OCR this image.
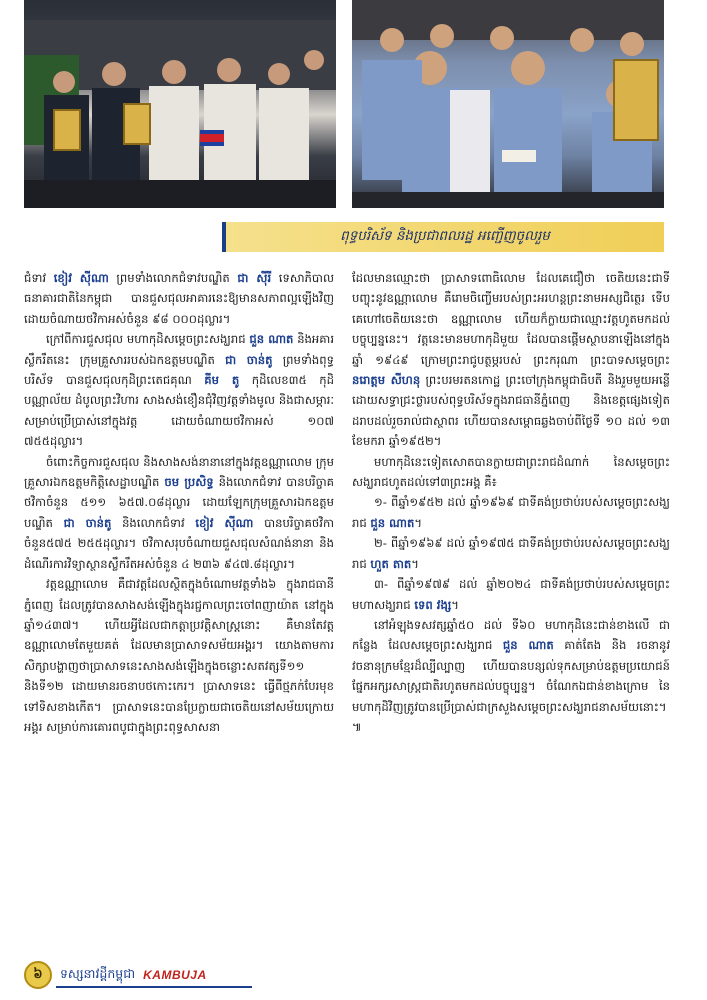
ពុទ្ធបរិស័ទ និងប្រជាពលរដ្ឋ អញ្ជើញចូលរួម

ជំទាវ ខៀវ ស៊ីណា ព្រមទាំងលោកជំទាវបណ្ឌិត ជា ស៊ីរី ទេសាភិបាលធនាគារជាតិនៃកម្ពុជា បានជួសជុលអាគារនេះឱ្យមានសភាពល្អឡើងវិញ ដោយចំណាយថវិកាអស់ចំនួន ៩៨ ០០០ដុល្លារ។

ក្រៅពីការជួសជុល មហាកុដិសម្ដេចព្រះសង្ឃរាជ ជួន ណាត និងអគារស្លឹករឹតនេះ ក្រុមគ្រួសាររបស់ឯកឧត្តមបណ្ឌិត ជា ចាន់តូ ព្រមទាំងពុទ្ធបរិស័ទ បានជួសជុលកុដិព្រះតេជគុណ គីម តូ កុដិលេខ៣៥ កុដិបណ្ណាល័យ ដំបូលព្រះវិហារ សាងសង់ខឿនជុំវិញវត្តទាំងមូល និងជាសម្ភារៈសម្រាប់ប្រើប្រាស់នៅក្នុងវត្ត ដោយចំណាយថវិកាអស់ ១០៧ ៧៥៥ដុល្លារ។

ចំពោះកិច្ចការជួសជុល និងសាងសង់នានានៅក្នុងវត្តឧណ្ណាលោម ក្រុមគ្រួសារឯកឧត្តមកិត្តិសេដ្ឋាបណ្ឌិត ចម ប្រសិទ្ធ និងលោកជំទាវ បានបរិច្ចាគថវិកាចំនួន ៥១១ ៦៥៧.០៨ដុល្លារ ដោយឡែកក្រុមគ្រួសារឯកឧត្តម បណ្ឌិត ជា ចាន់តូ និងលោកជំទាវ ខៀវ ស៊ីណា បានបរិច្ចាគថវិកាចំនួន៥៧៥ ២៥៥ដុល្លារ។ ថវិកាសរុបចំណាយជួសជុលសំណង់នានា និងដំណើរការវិទ្យាស្ថានស្លឹករឹតអស់ចំនួន ៤ ២៣៦ ៩៤៧.៨ដុល្លារ។

វត្តឧណ្ណាលោម គឺជាវត្តដែលស្ថិតក្នុងចំណោមវត្តទាំង៦ ក្នុងរាជធានីភ្នំពេញ ដែលត្រូវបានសាងសង់ឡើងក្នុងរជ្ជកាលព្រះចៅពញាយ៉ាត នៅក្នុងឆ្នាំ១៤៣៧។ ហើយអ្វីដែលជាកត្តាប្រវត្តិសាស្ត្រនោះ គឺមានតែវត្តឧណ្ណាលោមតែមួយគត់ ដែលមានប្រាសាទសម័យអង្គរ។ យោងតាមការសិក្សាបង្ហាញថាប្រាសាទនេះសាងសង់ឡើងក្នុងចន្លោះសតវត្សទី១១ និងទី១២ ដោយមានរចនាបថកោះកេរ។ ប្រាសាទនេះ ធ្វើពីថ្មភក់បែរមុខទៅទិសខាងកើត។ ប្រាសាទនេះបានប្រែក្លាយជាចេតិយនៅសម័យក្រោយអង្គរ សម្រាប់ការគោរពបូជាក្នុងព្រះពុទ្ធសាសនា

ដែលមានឈ្មោះថា ប្រាសាទពោធិលោម ដែលគេជឿថា ចេតិយនេះជាទីបញ្ចុះនូវឧណ្ណាលោម គឺរោមចិញ្ចើមរបស់ព្រះអរហន្តព្រះនាមអស្សជិត្ថេរ ទើបគេហៅចេតិយនេះថា ឧណ្ណាលោម ហើយក៏ក្លាយជាឈ្មោះវត្តហូតមកដល់បច្ចុប្បន្ននេះ។ វត្តនេះមានមហាកុដិមួយ ដែលបានផ្ដើមស្ថាបនាឡើងនៅក្នុងឆ្នាំ ១៩៤៩ ក្រោមព្រះរាជូបត្ថម្ភរបស់ ព្រះករុណា ព្រះបាទសម្ដេចព្រះ នរោត្តម សីហនុ ព្រះបរមរតនកោដ្ឋ ព្រះចៅក្រុងកម្ពុជាធិបតី និងរួមមួយអន្លើដោយសទ្ធាជ្រះថ្លារបស់ពុទ្ធបរិស័ទក្នុងរាជធានីភ្នំពេញ និងខេត្តផ្សេងទៀត ដរាបដល់រួចរាល់ជាស្ថាពរ ហើយបានសម្ពោធឆ្លងចាប់ពីថ្ងៃទី ១០ ដល់ ១៣ ខែមករា ឆ្នាំ១៩៥២។

មហាកុដិនេះទៀតសោតបានក្លាយជាព្រះរាជដំណាក់ នៃសម្ដេចព្រះសង្ឃរាជហូតដល់ទៅ៣ព្រះអង្គ គឺ៖

១- ពីឆ្នាំ១៩៥២ ដល់ ឆ្នាំ១៩៦៩ ជាទីគង់ប្រថាប់របស់សម្ដេចព្រះសង្ឃរាជ ជួន ណាត។

២- ពីឆ្នាំ១៩៦៩ ដល់ ឆ្នាំ១៩៧៥ ជាទីគង់ប្រថាប់របស់សម្ដេចព្រះសង្ឃរាជ ហួត តាត។

៣- ពីឆ្នាំ១៩៧៩ ដល់ ឆ្នាំ២០២៤ ជាទីគង់ប្រថាប់របស់សម្ដេចព្រះមហាសង្ឃរាជ ទេព វង្ស។

នៅអំឡុងទសវត្សឆ្នាំ៥០ ដល់ ទី៦០ មហាកុដិនេះជាន់ខាងលើ ជាកន្លែង ដែលសម្ដេចព្រះសង្ឃរាជ ជួន ណាត គាត់តែង និង រចនានូវវចនានុក្រមខ្មែរដ៏ល្បីល្បាញ ហើយបានបន្សល់ទុកសម្រាប់ឧត្តមប្រយោជន៍ផ្នែកអក្សរសាស្ត្រជាតិរហូតមកដល់បច្ចុប្បន្ន។ ចំណែកឯជាន់ខាងក្រោម នៃមហាកុដិវិញត្រូវបានប្រើប្រាស់ជាក្រសួងសម្ដេចព្រះសង្ឃរាជនាសម័យនោះ។ ៕

៦	ទស្សនាវដ្ដីកម្ពុជា KAMBUJA
